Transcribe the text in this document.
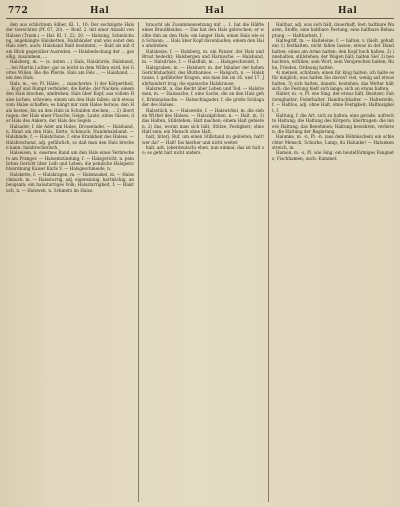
772	Hal	Hal	Hal

den aus schlichtem Silber, Kl. 1, 10; Der sechzigste Hals der Gerechten (Pf. 67, 20). — Bonf. 2. mit einer Anzahl von Halsen (Trank.) — Hal. Kl. 1, 22, 20. — Halsung, Schmückung, angehängte Halsketten, Halsbänder und was sonst den Hals ziert; auch: Halsband Bald bestimmt, — Bald als mit dem Blick gegenüber Ausreden. — Halsbedeckung der ... gesellig, zusammen, ...

Halsberg, m. — (s. unten ...) Hals, Halsbürde, Halsbund, ... bei Martin Luther; gar so leicht in dem Willen wird, bei Gottes Willen. Bie die Pferde, Hals am Fels ... — Halsband, ... um den Hals.

Hals, m., -es; Pl. Hälse, ... mancherlei: 1) der Körpertheil, ... Kopf und Rumpf verbindet; die Kehle, der Nacken; einem den Hals brechen, umdrehen; Hals über Kopf; aus vollem Halse lachen, schreien; einem um den Hals fallen; sich etwas vom Halse schaffen; es hängt mir zum Halse heraus; den Hals kosten; bis an den Hals in Schulden stecken; ... 2) übertragen: der Hals einer Flasche, Geige, Laute, eines Glases; der Hals des Ankers; der Hals des Segels ...

Halsader, f. die Ader am Halse, Drosselader. — Halsband, n. Band um den Hals, Kette, Schmuck; Hundehalsband. — Halsbinde, f. — Halsbräune, f. eine Krankheit des Halses. — Halsbrechend, adj. gefährlich, so daß man den Hals brechen kann; halsbrecherisch.

Halseisen, n. eisernes Band um den Hals eines Verbrechers am Pranger. — Halsentzündung, f. — Halsgericht, n. peinliches Gericht über Leib und Leben; die peinliche Halsgerichtsordnung Kaiser Karls V. — Halsgeschmeide, n.

Halskette, f. — Halskragen, m. — Halsmuskel, m. — Halsschmuck, m. — Halsstarrig, adj. eigensinnig, hartnäckig, unbeugsam; ein halsstarriges Volk; Halsstarrigkeit, f. — Halstuch, n. — Halsweh, n. Schmerz im Halse.

braucht als Zusammensetzung mit ... 1. hat die Hälfte eines Brautkleides. — Das hat den Hals gebrochen; er wollte ihm an den Hals; ein langer Hals; einen Hals wie ein Schwan; ... Hals über Kopf davonlaufen; einem den Hals umdrehen.

Halsbeize, f. — Halsberg, m. ein Panzer, der Hals und Brust bedeckt; Halsbergen und Harnische. — Halsbund, m. — Halsdrüse, f. — Halsfluß, m. ... Halsgeschwulst, f.

Halsgraben, m. — Halsherr, m. der Inhaber der hohen Gerichtsbarkeit, des Blutbannes. — Halsjoch, n. — Halskrause, f. gefältelter Kragen, wie man ihn im 16. und 17. Jahrhundert trug; die spanische Halskrause.

Halsrecht, n. das Recht über Leben und Tod. — Halsriemen, m. — Halssache, f. eine Sache, die an den Hals geht, Kriminalsache. — Halsschlagader, f. die große Schlagader des Halses.

Halsstück, n. — Halsweite, f. — Halswirbel, m. die sieben Wirbel des Halses. — Halszäpfchen, n. — Halt, m. 1) das Halten, Stillstehen; Halt machen; einem Halt gebieten. 2) das, woran man sich hält, Stütze, Festigkeit; ohne Halt sein; ein Mensch ohne Halt.

halt, Interj. Ruf, um einen Stillstand zu gebieten; halt! wer da? — Halt! bis hierher und nicht weiter.

halt, adv. (oberdeutsch) eben, nun einmal; das ist halt so; es geht halt nicht anders.

Haltbar, adj. was sich hält, dauerhaft, fest; haltbare Waaren, Stoffe; eine haltbare Festung; eine haltbare Behauptung. — Haltbarkeit, f.

Haltegriff, m. — Halteleine, f. — halten, v. (hielt, gehalten) 1) festhalten, nicht fallen lassen; etwas in der Hand halten; einen am Arme halten; den Kopf hoch halten. 2) innehalten, stillstehen; der Wagen hält; halten Sie! 3) beobachten, erfüllen; sein Wort, sein Versprechen halten; Ruhe, Frieden, Ordnung halten.

4) meinen, schätzen; einen für klug halten; ich halte es für möglich; was halten Sie davon? viel, wenig auf etwas halten. 5) sich halten, dauern, bestehen; das Wetter hält sich; die Festung hielt sich lange; sich an etwas halten.

Halter, m. -s, Pl. wie Sing. der etwas hält, Besitzer; Fahrzeughalter; Federhalter, Handtuchhalter. — Haltestelle, f. — Haltlos, adj. ohne Halt, ohne Festigkeit; Haltlosigkeit, f.

Haltung, f. die Art, sich zu halten; eine gerade, aufrechte Haltung; die Haltung des Körpers; übertragen: die innere Haltung, das Benehmen; Haltung bewahren, verlieren; die Haltung der Regierung.

Halunke, m. -n, Pl. -n. (aus dem Böhmischen) ein schlechter Mensch, Schurke, Lump; du Halunke! — Halunkenstreich, m.

Hamen, m. -s, Pl. wie Sing. ein beutelförmiges Fangnetz; Fischhamen; auch: Kummet.
